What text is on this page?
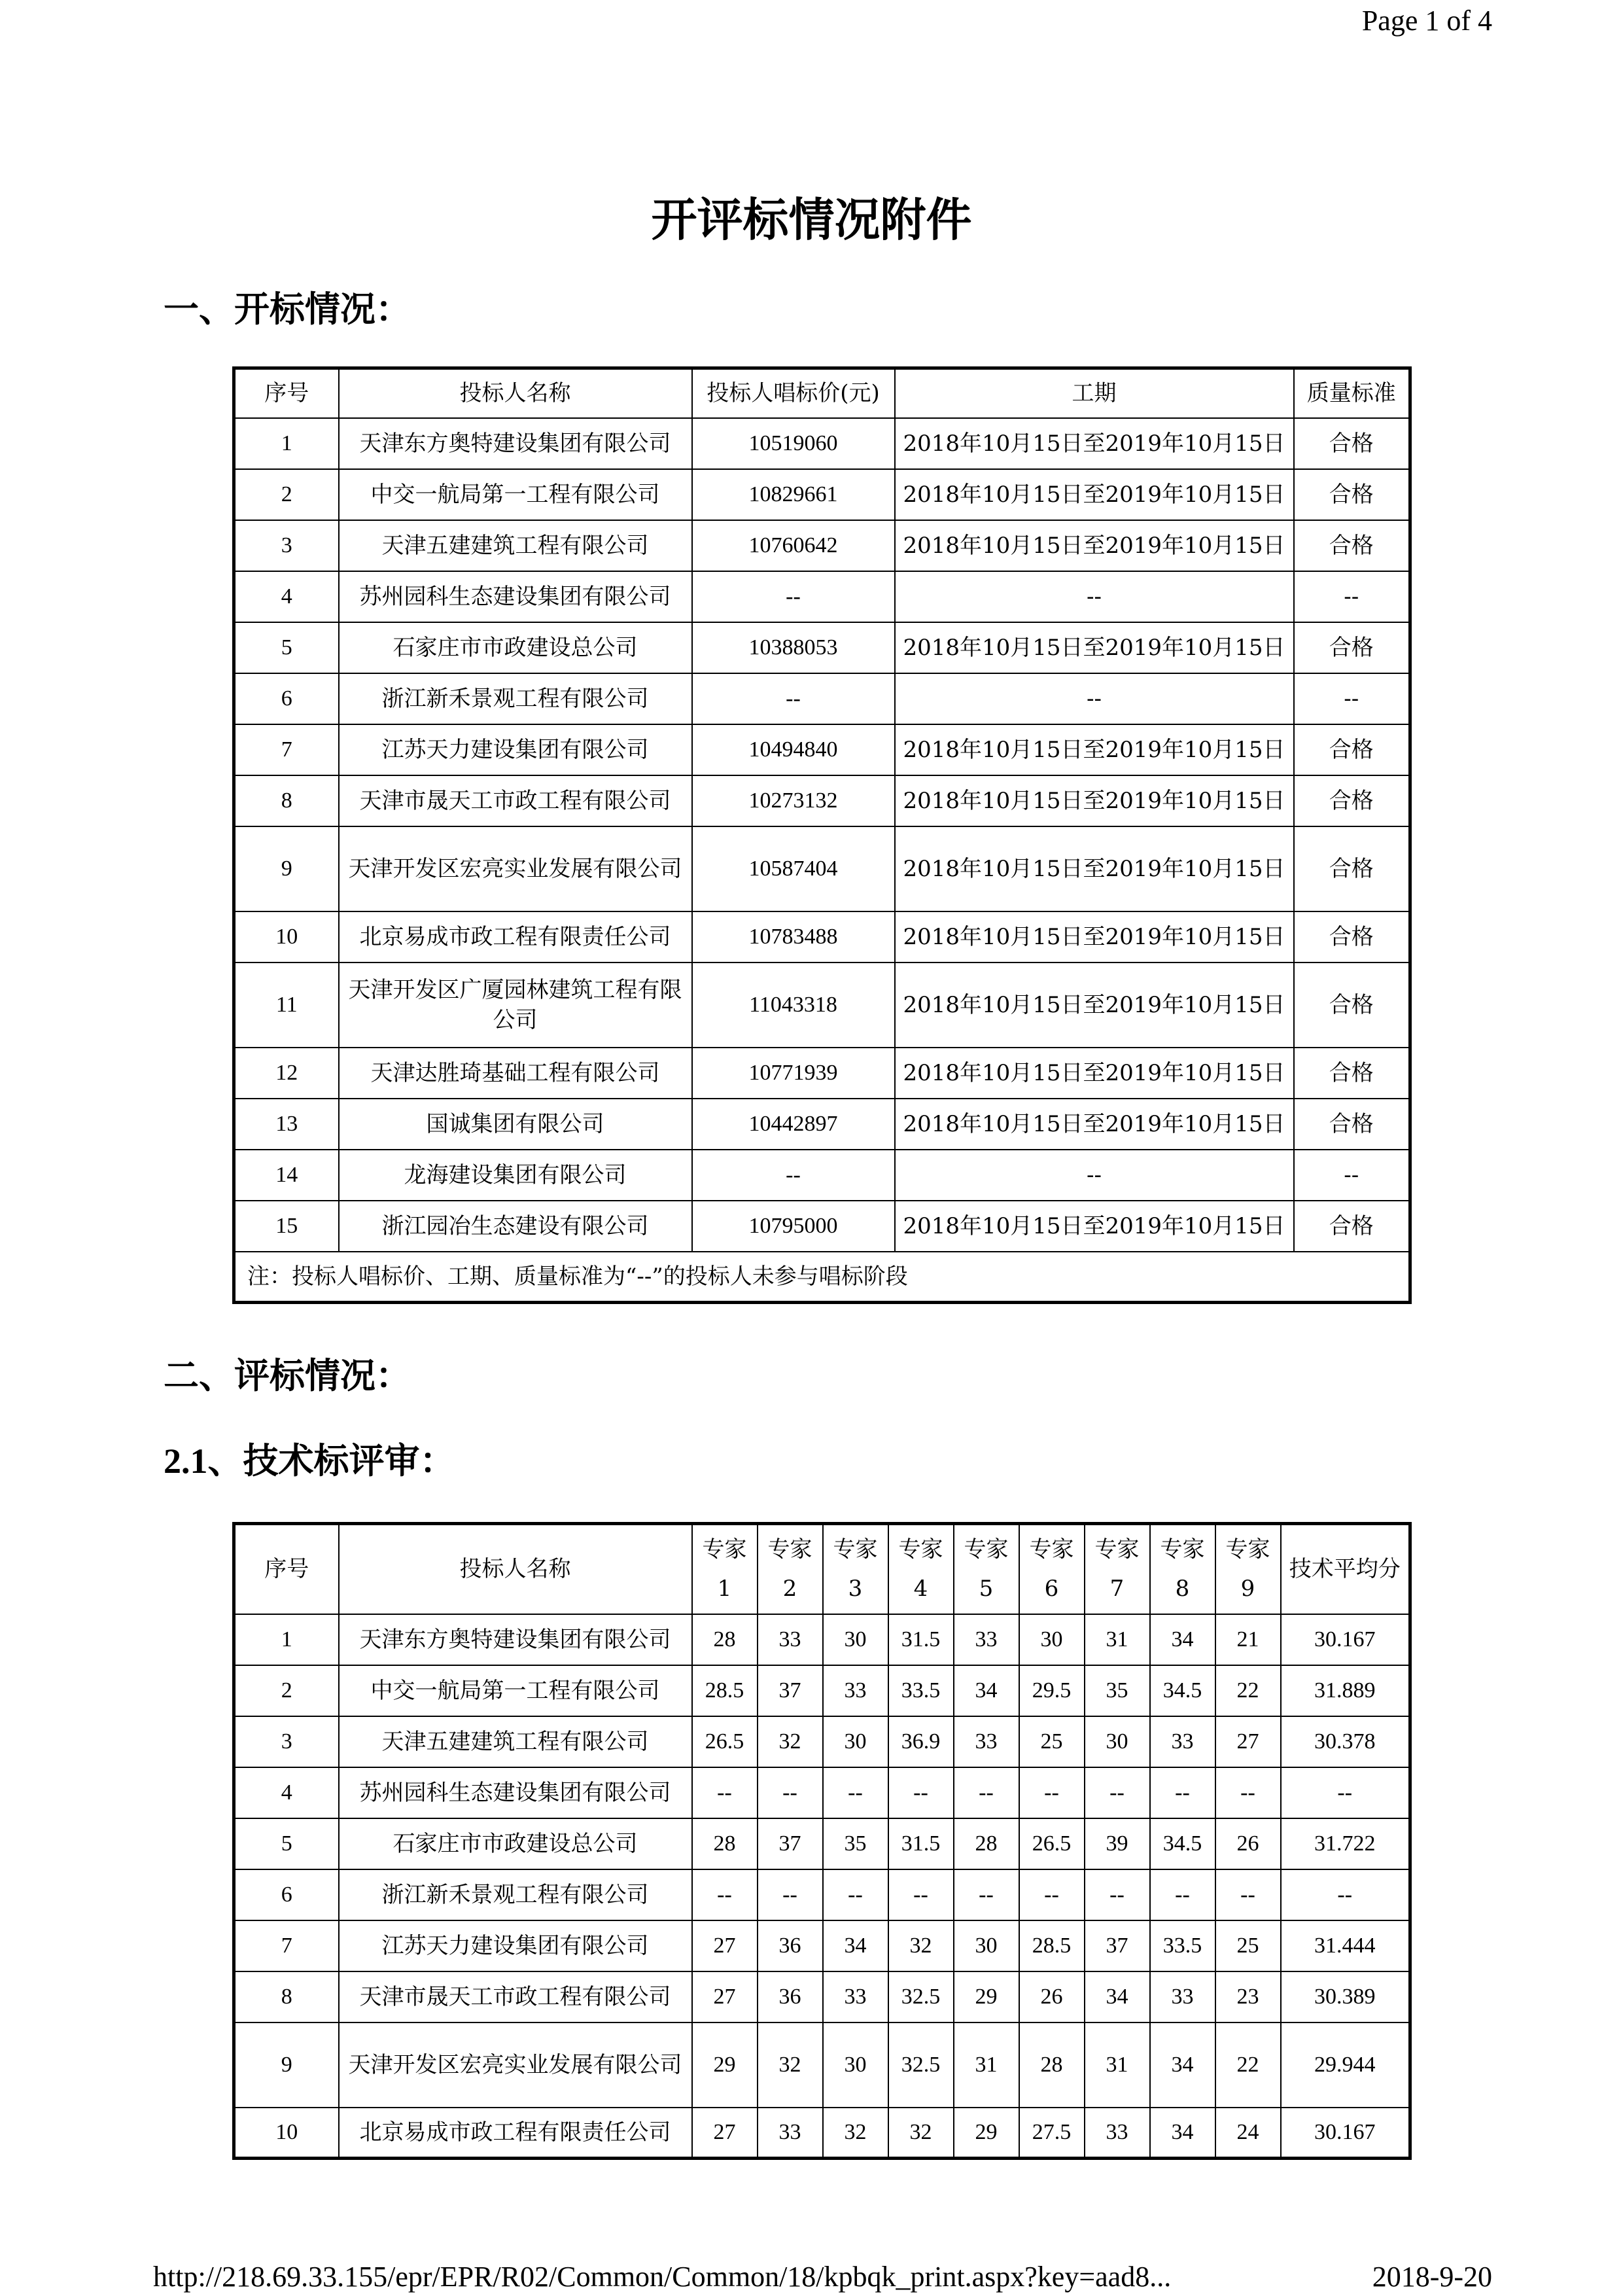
Page 1 of 4
开评标情况附件
一、开标情况：
序号	投标人名称	投标人唱标价(元)	工期	质量标准
1	天津东方奥特建设集团有限公司	10519060	2018年10月15日至2019年10月15日	合格
2	中交一航局第一工程有限公司	10829661	2018年10月15日至2019年10月15日	合格
3	天津五建建筑工程有限公司	10760642	2018年10月15日至2019年10月15日	合格
4	苏州园科生态建设集团有限公司	--	--	--
5	石家庄市市政建设总公司	10388053	2018年10月15日至2019年10月15日	合格
6	浙江新禾景观工程有限公司	--	--	--
7	江苏天力建设集团有限公司	10494840	2018年10月15日至2019年10月15日	合格
8	天津市晟天工市政工程有限公司	10273132	2018年10月15日至2019年10月15日	合格
9	天津开发区宏亮实业发展有限公司	10587404	2018年10月15日至2019年10月15日	合格
10	北京易成市政工程有限责任公司	10783488	2018年10月15日至2019年10月15日	合格
11	天津开发区广厦园林建筑工程有限公司	11043318	2018年10月15日至2019年10月15日	合格
12	天津达胜琦基础工程有限公司	10771939	2018年10月15日至2019年10月15日	合格
13	国诚集团有限公司	10442897	2018年10月15日至2019年10月15日	合格
14	龙海建设集团有限公司	--	--	--
15	浙江园冶生态建设有限公司	10795000	2018年10月15日至2019年10月15日	合格
注：投标人唱标价、工期、质量标准为“--”的投标人未参与唱标阶段				
二、评标情况：
2.1、技术标评审：
序号	投标人名称	专家1	专家2	专家3	专家4	专家5	专家6	专家7	专家8	专家9	技术平均分
1	天津东方奥特建设集团有限公司	28	33	30	31.5	33	30	31	34	21	30.167
2	中交一航局第一工程有限公司	28.5	37	33	33.5	34	29.5	35	34.5	22	31.889
3	天津五建建筑工程有限公司	26.5	32	30	36.9	33	25	30	33	27	30.378
4	苏州园科生态建设集团有限公司	--	--	--	--	--	--	--	--	--	--
5	石家庄市市政建设总公司	28	37	35	31.5	28	26.5	39	34.5	26	31.722
6	浙江新禾景观工程有限公司	--	--	--	--	--	--	--	--	--	--
7	江苏天力建设集团有限公司	27	36	34	32	30	28.5	37	33.5	25	31.444
8	天津市晟天工市政工程有限公司	27	36	33	32.5	29	26	34	33	23	30.389
9	天津开发区宏亮实业发展有限公司	29	32	30	32.5	31	28	31	34	22	29.944
10	北京易成市政工程有限责任公司	27	33	32	32	29	27.5	33	34	24	30.167
http://218.69.33.155/epr/EPR/R02/Common/Common/18/kpbqk_print.aspx?key=aad8...	2018-9-20
